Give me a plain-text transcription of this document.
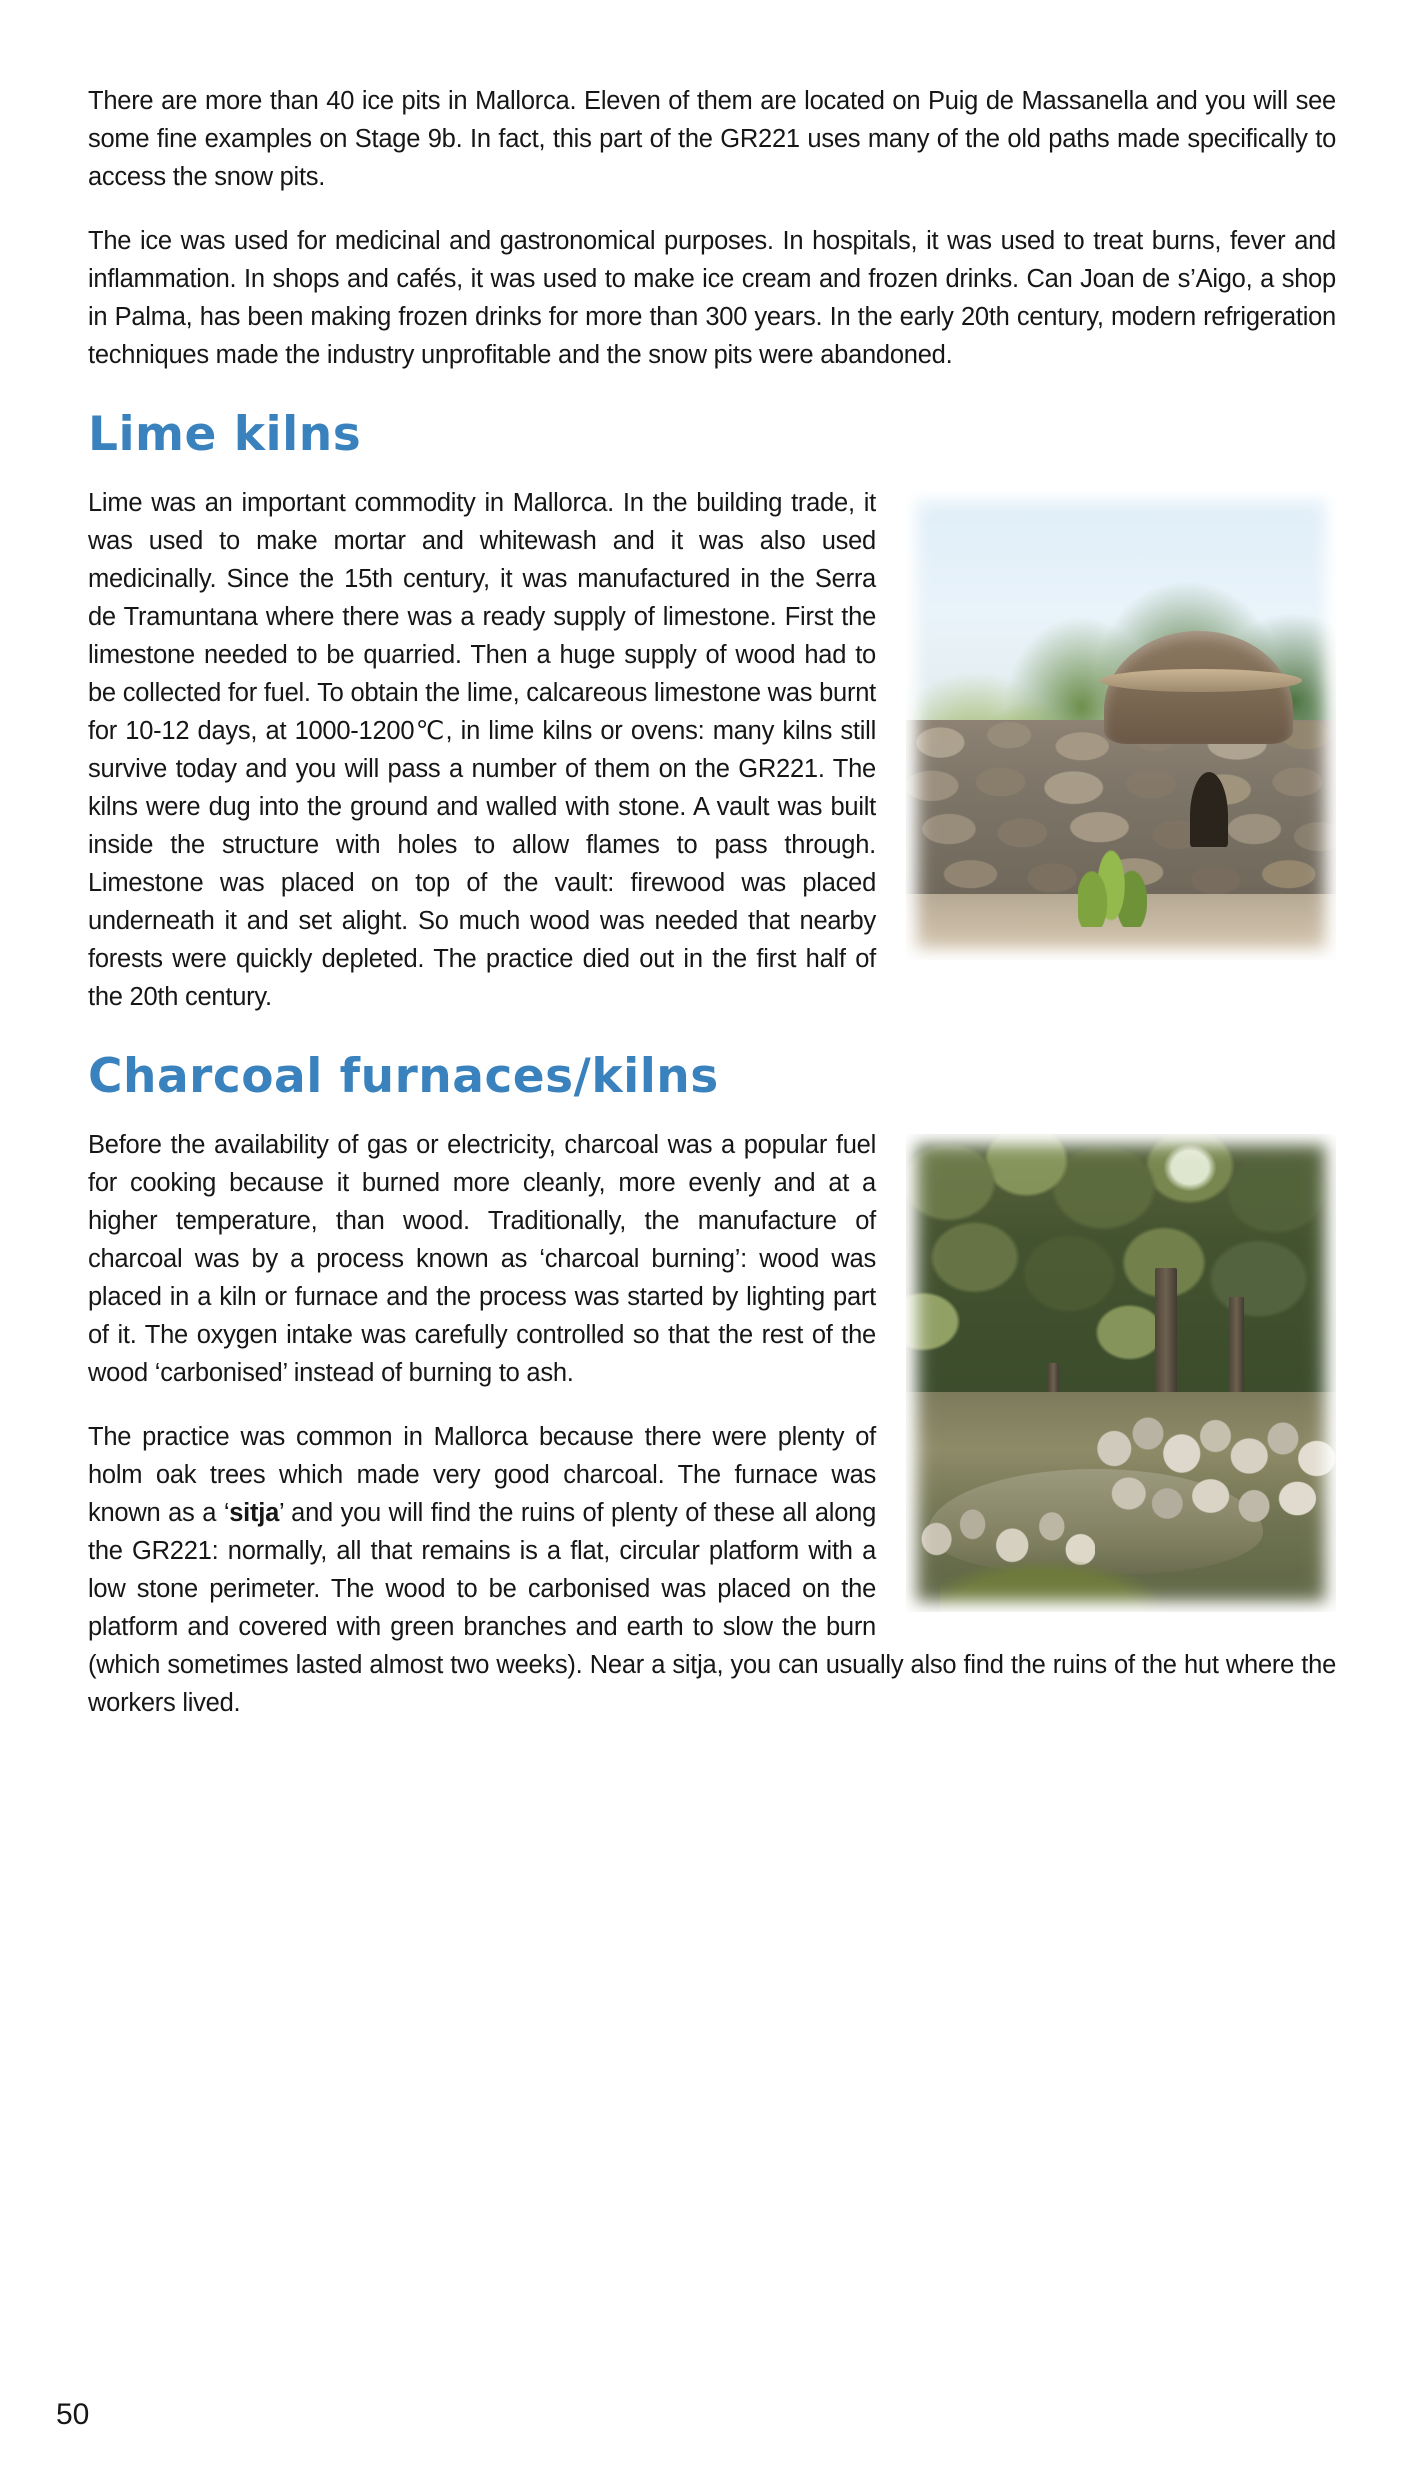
There are more than 40 ice pits in Mallorca. Eleven of them are located on Puig de Massanella and you will see some fine examples on Stage 9b. In fact, this part of the GR221 uses many of the old paths made specifically to access the snow pits.

The ice was used for medicinal and gastronomical purposes. In hospitals, it was used to treat burns, fever and inflammation. In shops and cafés, it was used to make ice cream and frozen drinks. Can Joan de s’Aigo, a shop in Palma, has been making frozen drinks for more than 300 years. In the early 20th century, modern refrigeration techniques made the industry unprofitable and the snow pits were abandoned.

Lime kilns

Lime was an important commodity in Mallorca. In the building trade, it was used to make mortar and whitewash and it was also used medicinally. Since the 15th century, it was manufactured in the Serra de Tramuntana where there was a ready supply of limestone. First the limestone needed to be quarried. Then a huge supply of wood had to be collected for fuel. To obtain the lime, calcareous limestone was burnt for 10-12 days, at 1000-1200℃, in lime kilns or ovens: many kilns still survive today and you will pass a number of them on the GR221. The kilns were dug into the ground and walled with stone. A vault was built inside the structure with holes to allow flames to pass through. Limestone was placed on top of the vault: firewood was placed underneath it and set alight. So much wood was needed that nearby forests were quickly depleted. The practice died out in the first half of the 20th century.

Charcoal furnaces/kilns

Before the availability of gas or electricity, charcoal was a popular fuel for cooking because it burned more cleanly, more evenly and at a higher temperature, than wood. Traditionally, the manufacture of charcoal was by a process known as ‘charcoal burning’: wood was placed in a kiln or furnace and the process was started by lighting part of it. The oxygen intake was carefully controlled so that the rest of the wood ‘carbonised’ instead of burning to ash.

The practice was common in Mallorca because there were plenty of holm oak trees which made very good charcoal. The furnace was known as a ‘sitja’ and you will find the ruins of plenty of these all along the GR221: normally, all that remains is a flat, circular platform with a low stone perimeter. The wood to be carbonised was placed on the platform and covered with green branches and earth to slow the burn (which sometimes lasted almost two weeks). Near a sitja, you can usually also find the ruins of the hut where the workers lived.

50
